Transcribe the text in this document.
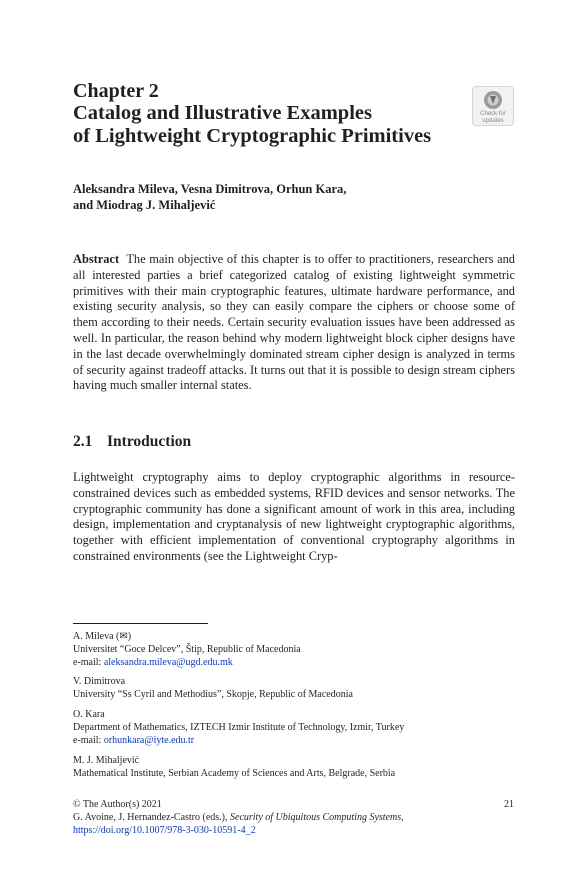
Chapter 2
Catalog and Illustrative Examples
of Lightweight Cryptographic Primitives
Check for
updates
Aleksandra Mileva, Vesna Dimitrova, Orhun Kara,
and Miodrag J. Mihaljević
Abstract The main objective of this chapter is to offer to practitioners, researchers and all interested parties a brief categorized catalog of existing lightweight symmetric primitives with their main cryptographic features, ultimate hardware performance, and existing security analysis, so they can easily compare the ciphers or choose some of them according to their needs. Certain security evaluation issues have been addressed as well. In particular, the reason behind why modern lightweight block cipher designs have in the last decade overwhelmingly dominated stream cipher design is analyzed in terms of security against tradeoff attacks. It turns out that it is possible to design stream ciphers having much smaller internal states.
2.1 Introduction
Lightweight cryptography aims to deploy cryptographic algorithms in resource-constrained devices such as embedded systems, RFID devices and sensor networks. The cryptographic community has done a significant amount of work in this area, including design, implementation and cryptanalysis of new lightweight cryptographic algorithms, together with efficient implementation of conventional cryptography algorithms in constrained environments (see the Lightweight Cryp-
A. Mileva (✉)
Universitet “Goce Delcev”, Štip, Republic of Macedonia
e-mail: aleksandra.mileva@ugd.edu.mk
V. Dimitrova
University “Ss Cyril and Methodius”, Skopje, Republic of Macedonia
O. Kara
Department of Mathematics, IZTECH Izmir Institute of Technology, Izmir, Turkey
e-mail: orhunkara@iyte.edu.tr
M. J. Mihaljević
Mathematical Institute, Serbian Academy of Sciences and Arts, Belgrade, Serbia
© The Author(s) 2021
G. Avoine, J. Hernandez-Castro (eds.), Security of Ubiquitous Computing Systems,
https://doi.org/10.1007/978-3-030-10591-4_2
21
